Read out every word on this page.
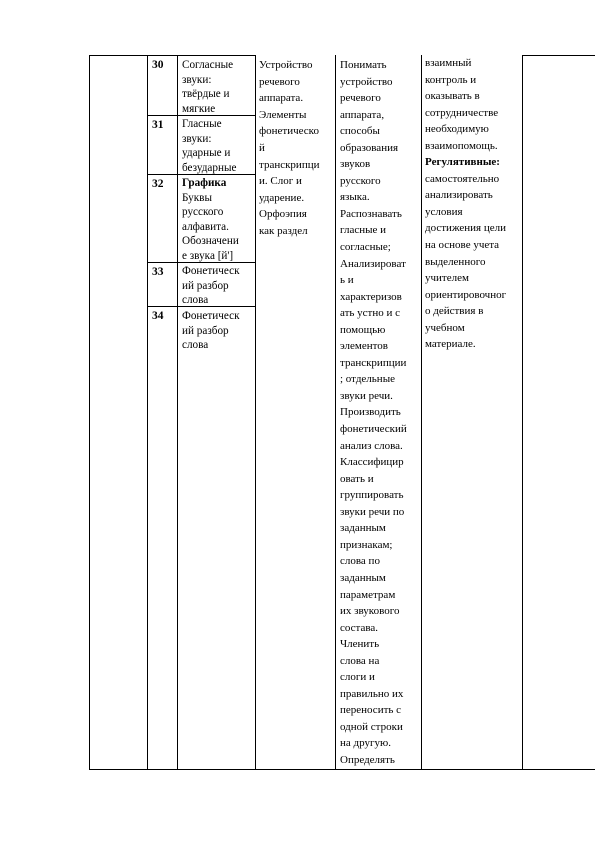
30
31
32
33
34
Согласные
звуки:
твёрдые и
мягкие
Гласные
звуки:
ударные и
безударные
Графика
Буквы
русского
алфавита.
Обозначени
е звука [й']
Фонетическ
ий разбор
слова
Фонетическ
ий разбор
слова
Устройство
речевого
аппарата.
Элементы
фонетическо
й
транскрипци
и. Слог и
ударение.
Орфоэпия
как раздел
Понимать
устройство
речевого
аппарата,
способы
образования
звуков
русского
языка.
Распознавать
гласные и
согласные;
Анализироват
ь и
характеризов
ать устно и с
помощью
элементов
транскрипции
; отдельные
звуки речи.
Производить
фонетический
анализ слова.
Классифицир
овать и
группировать
звуки речи по
заданным
признакам;
слова по
заданным
параметрам
их звукового
состава.
Членить
слова на
слоги и
правильно их
переносить с
одной строки
на другую.
Определять
взаимный
контроль и
оказывать в
сотрудничестве
необходимую
взаимопомощь.
Регулятивные:
самостоятельно
анализировать
условия
достижения цели
на основе учета
выделенного
учителем
ориентировочног
о действия в
учебном
материале.
